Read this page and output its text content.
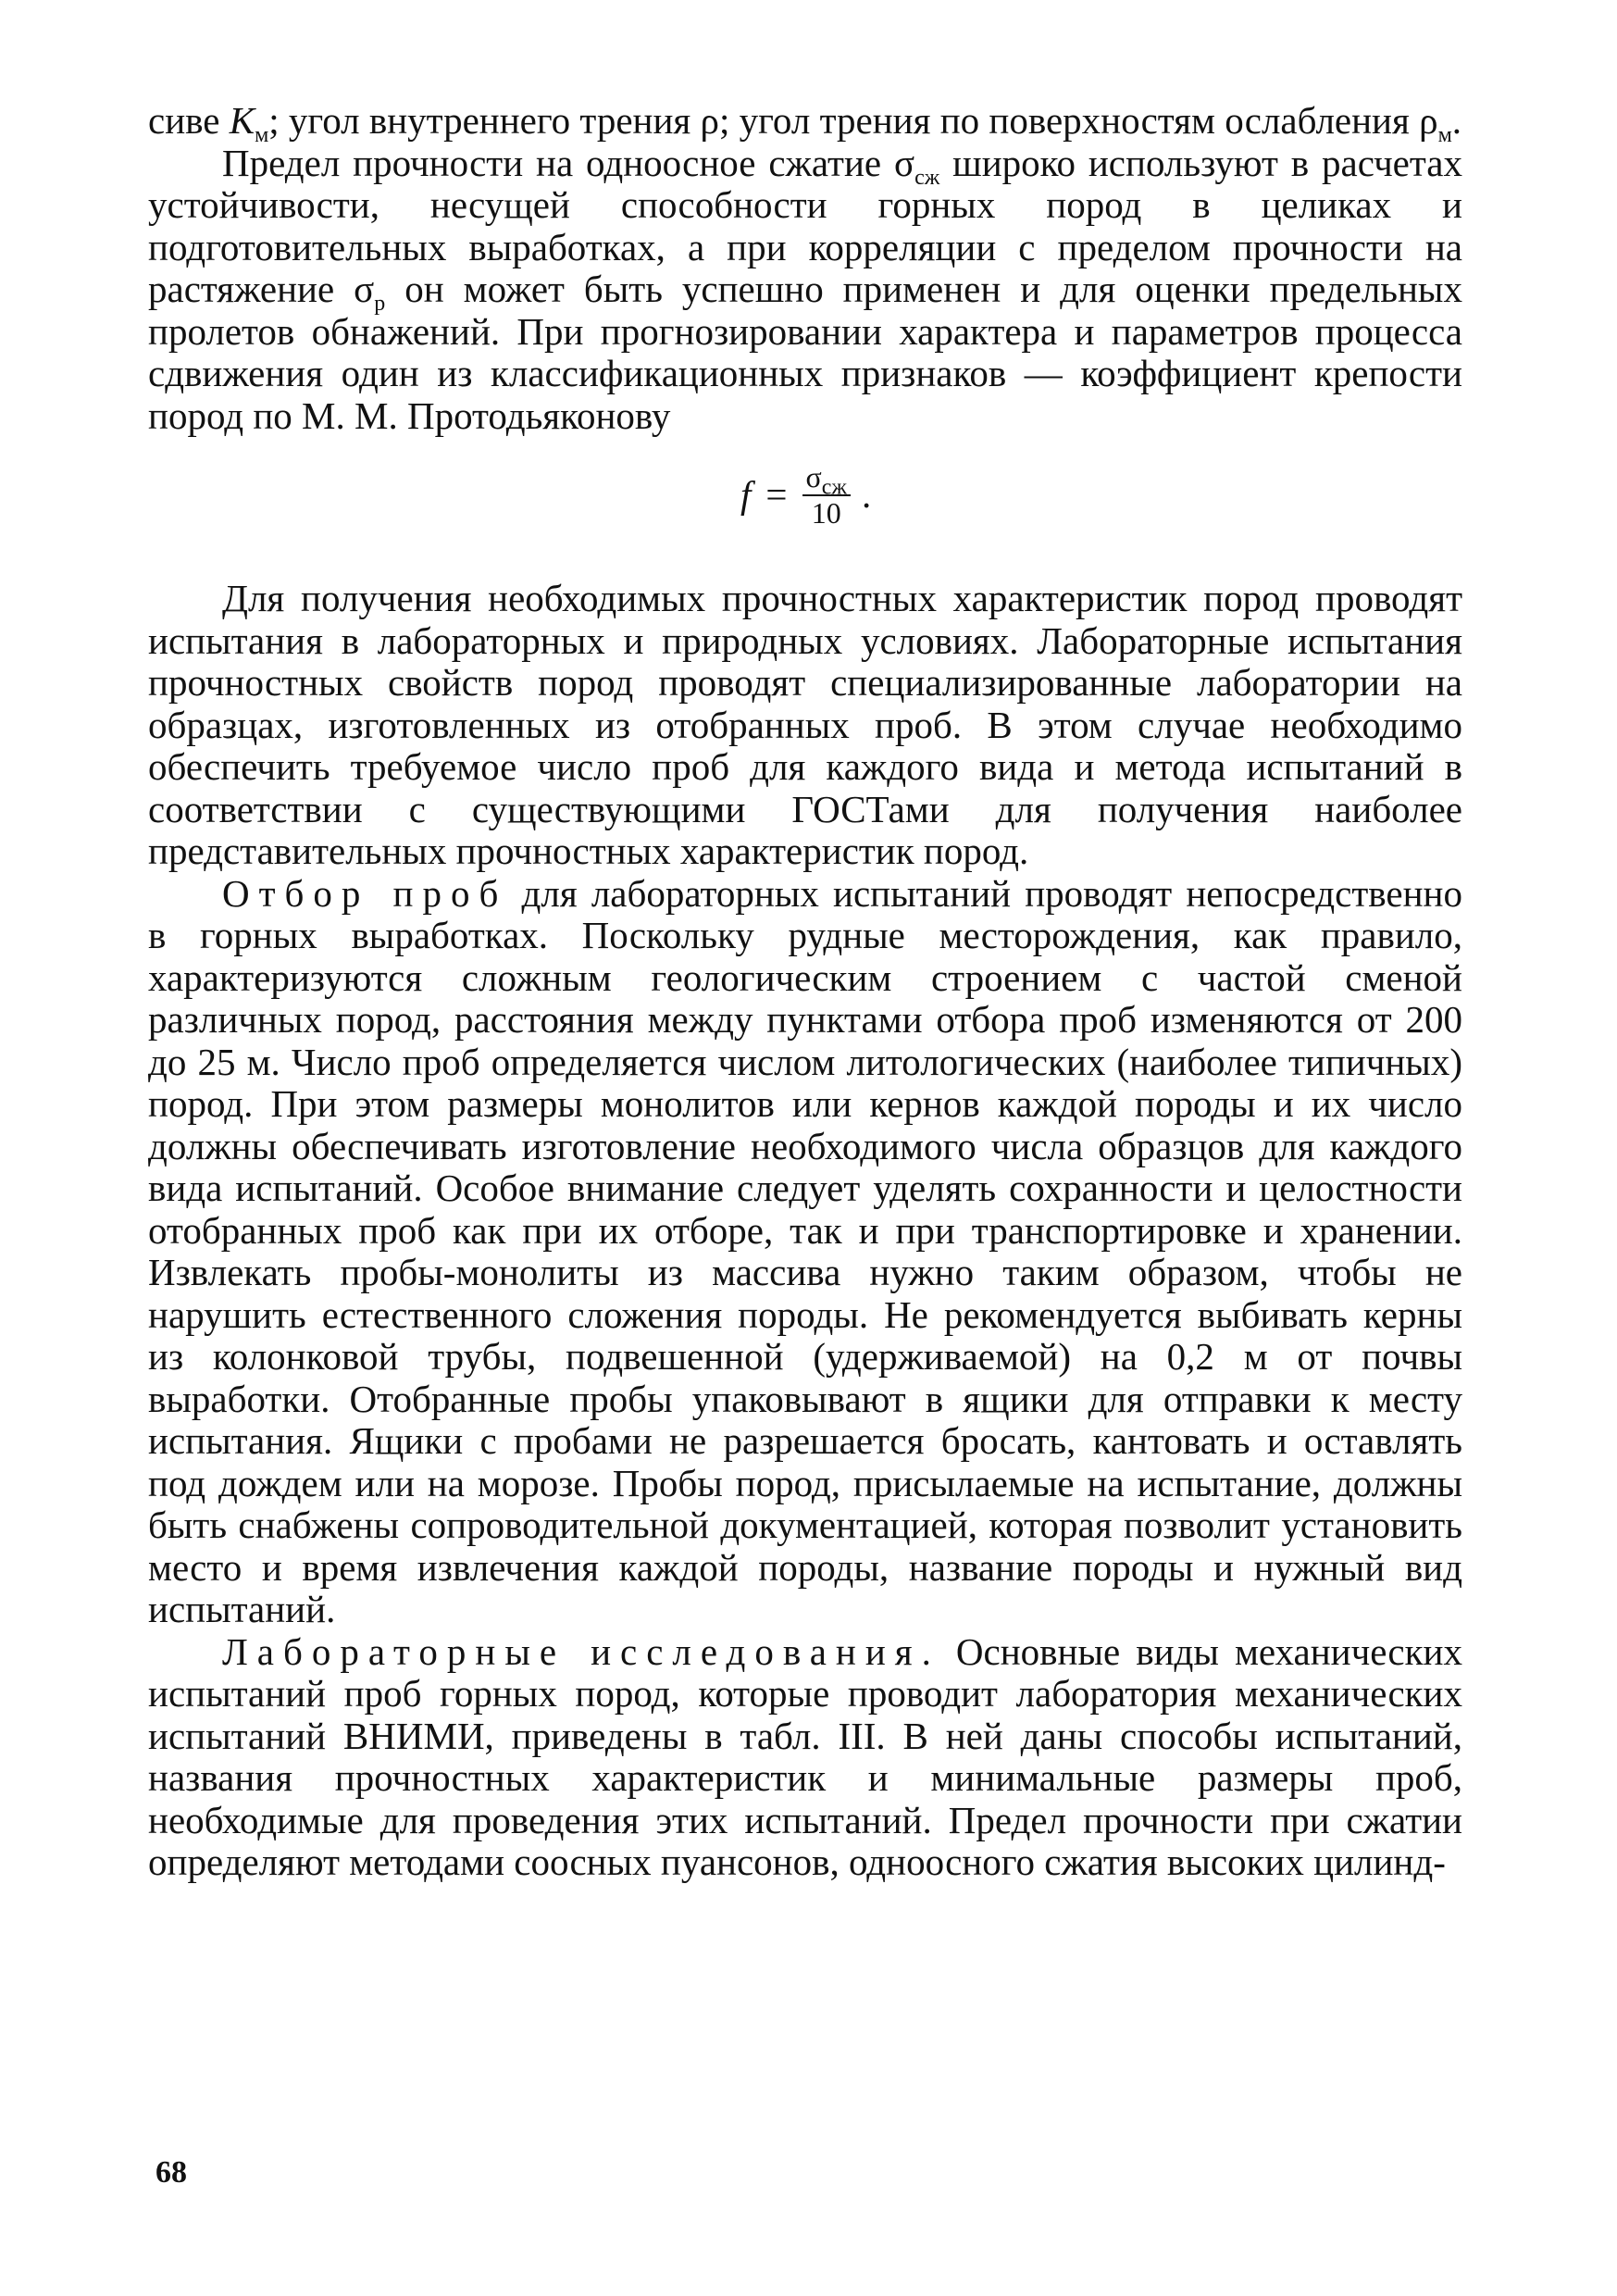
сиве $K_м$; угол внутреннего трения ρ; угол трения по поверхностям ослабления $\rho_м$.

Предел прочности на одноосное сжатие $\sigma_{сж}$ широко используют в расчетах устойчивости, несущей способности горных пород в целиках и подготовительных выработках, а при корреляции с пределом прочности на растяжение $\sigma_р$ он может быть успешно применен и для оценки предельных пролетов обнажений. При прогнозировании характера и параметров процесса сдвижения один из классификационных признаков — коэффициент крепости пород по М. М. Протодьяконову

$f = \frac{\sigma_{сж}}{10}$ .

Для получения необходимых прочностных характеристик пород проводят испытания в лабораторных и природных условиях. Лабораторные испытания прочностных свойств пород проводят специализированные лаборатории на образцах, изготовленных из отобранных проб. В этом случае необходимо обеспечить требуемое число проб для каждого вида и метода испытаний в соответствии с существующими ГОСТами для получения наиболее представительных прочностных характеристик пород.

Отбор проб для лабораторных испытаний проводят непосредственно в горных выработках. Поскольку рудные месторождения, как правило, характеризуются сложным геологическим строением с частой сменой различных пород, расстояния между пунктами отбора проб изменяются от 200 до 25 м. Число проб определяется числом литологических (наиболее типичных) пород. При этом размеры монолитов или кернов каждой породы и их число должны обеспечивать изготовление необходимого числа образцов для каждого вида испытаний. Особое внимание следует уделять сохранности и целостности отобранных проб как при их отборе, так и при транспортировке и хранении. Извлекать пробы-монолиты из массива нужно таким образом, чтобы не нарушить естественного сложения породы. Не рекомендуется выбивать керны из колонковой трубы, подвешенной (удерживаемой) на 0,2 м от почвы выработки. Отобранные пробы упаковывают в ящики для отправки к месту испытания. Ящики с пробами не разрешается бросать, кантовать и оставлять под дождем или на морозе. Пробы пород, присылаемые на испытание, должны быть снабжены сопроводительной документацией, которая позволит установить место и время извлечения каждой породы, название породы и нужный вид испытаний.

Лабораторные исследования. Основные виды механических испытаний проб горных пород, которые проводит лаборатория механических испытаний ВНИМИ, приведены в табл. III. В ней даны способы испытаний, названия прочностных характеристик и минимальные размеры проб, необходимые для проведения этих испытаний. Предел прочности при сжатии определяют методами соосных пуансонов, одноосного сжатия высоких цилинд-

68
